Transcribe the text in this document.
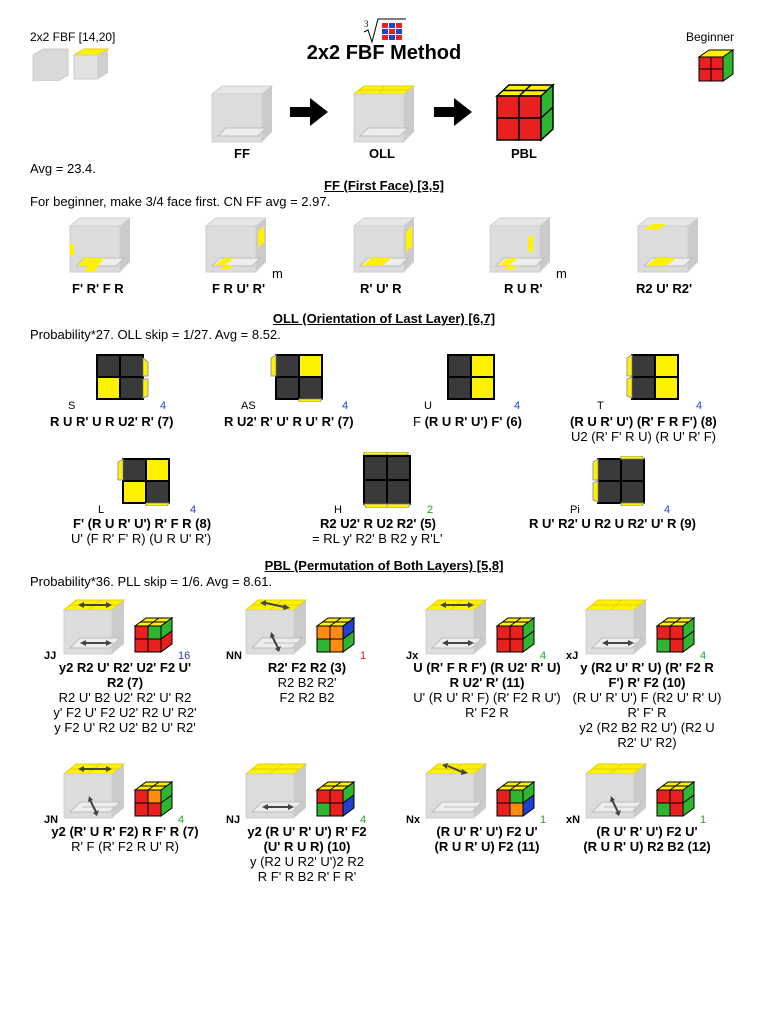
2x2 FBF [14,20]
3
2x2 FBF Method
Beginner
FF	OLL	PBL
Avg = 23.4.
FF (First Face) [3,5]
For beginner, make 3/4 face first. CN FF avg = 2.97.
F' R' F R	F R U' R'
m
R' U' R	R U R'
m
R2 U' R2'
OLL (Orientation of Last Layer) [6,7]
Probability*27. OLL skip = 1/27. Avg = 8.52.
S	4
R U R' U R U2' R' (7)
AS	4
R U2' R' U' R U' R' (7)
U	4
F (R U R' U') F' (6)
T	4
(R U R' U') (R' F R F') (8)
U2 (R' F' R U) (R U' R' F)
L	4
F' (R U R' U') R' F R (8)
U' (F R' F' R) (U R U' R')
H	2
R2 U2' R U2 R2' (5)
= RL y' R2' B R2 y R'L'
Pi	4
R U' R2' U R2 U R2' U' R (9)
PBL (Permutation of Both Layers) [5,8]
Probability*36. PLL skip = 1/6. Avg = 8.61.
JJ	16
y2 R2 U' R2' U2' F2 U'
R2 (7)
R2 U' B2 U2' R2' U' R2
y' F2 U' F2 U2' R2 U' R2'
y F2 U' R2 U2' B2 U' R2'
NN	1
R2' F2 R2 (3)
R2 B2 R2'
F2 R2 B2
Jx	4
U (R' F R F') (R U2' R' U)
R U2' R' (11)
U' (R U' R' F) (R' F2 R U')
R' F2 R
xJ	4
y (R2 U' R' U) (R' F2 R
F') R' F2 (10)
(R U' R' U') F (R2 U' R' U)
R' F' R
y2 (R2 B2 R2 U') (R2 U
R2' U' R2)
JN	4
y2 (R' U R' F2) R F' R (7)
R' F (R' F2 R U' R)
NJ	4
y2 (R U' R' U') R' F2
(U' R U R) (10)
y (R2 U R2' U')2 R2
R F' R B2 R' F R'
Nx	1
(R U' R' U') F2 U'
(R U R' U) F2 (11)
xN	1
(R U' R' U') F2 U'
(R U R' U) R2 B2 (12)
